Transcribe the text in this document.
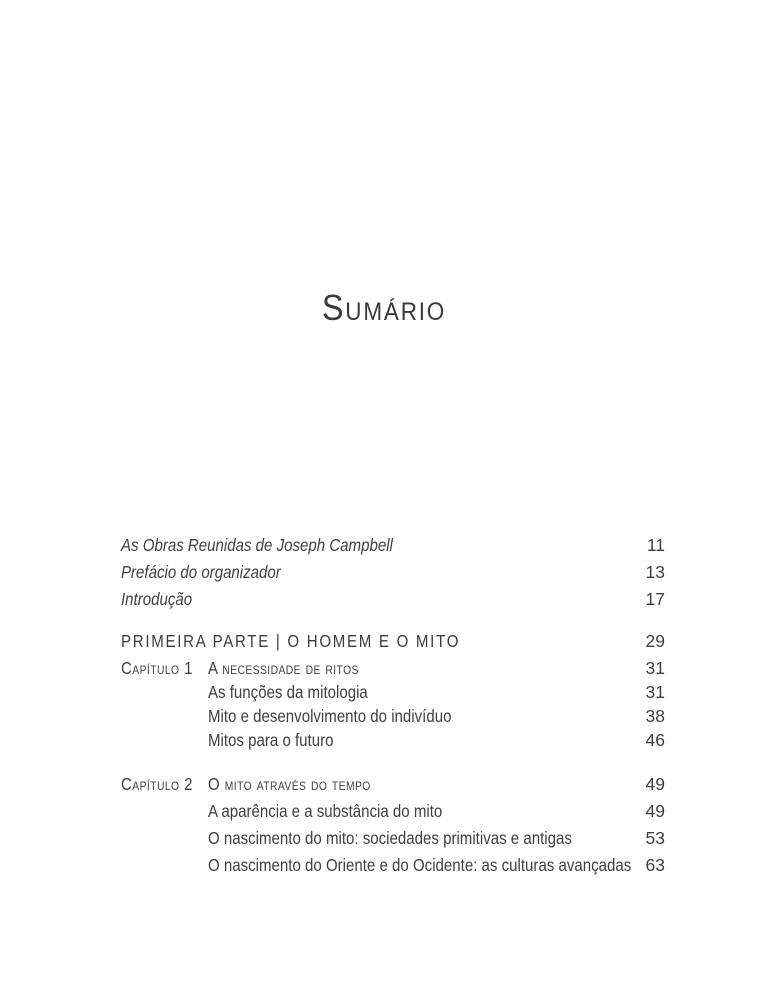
Sumário
As Obras Reunidas de Joseph Campbell	11
Prefácio do organizador	13
Introdução	17
PRIMEIRA PARTE | O HOMEM E O MITO	29
Capítulo 1 A necessidade de ritos	31
As funções da mitologia	31
Mito e desenvolvimento do indivíduo	38
Mitos para o futuro	46
Capítulo 2 O mito através do tempo	49
A aparência e a substância do mito	49
O nascimento do mito: sociedades primitivas e antigas	53
O nascimento do Oriente e do Ocidente: as culturas avançadas 63
